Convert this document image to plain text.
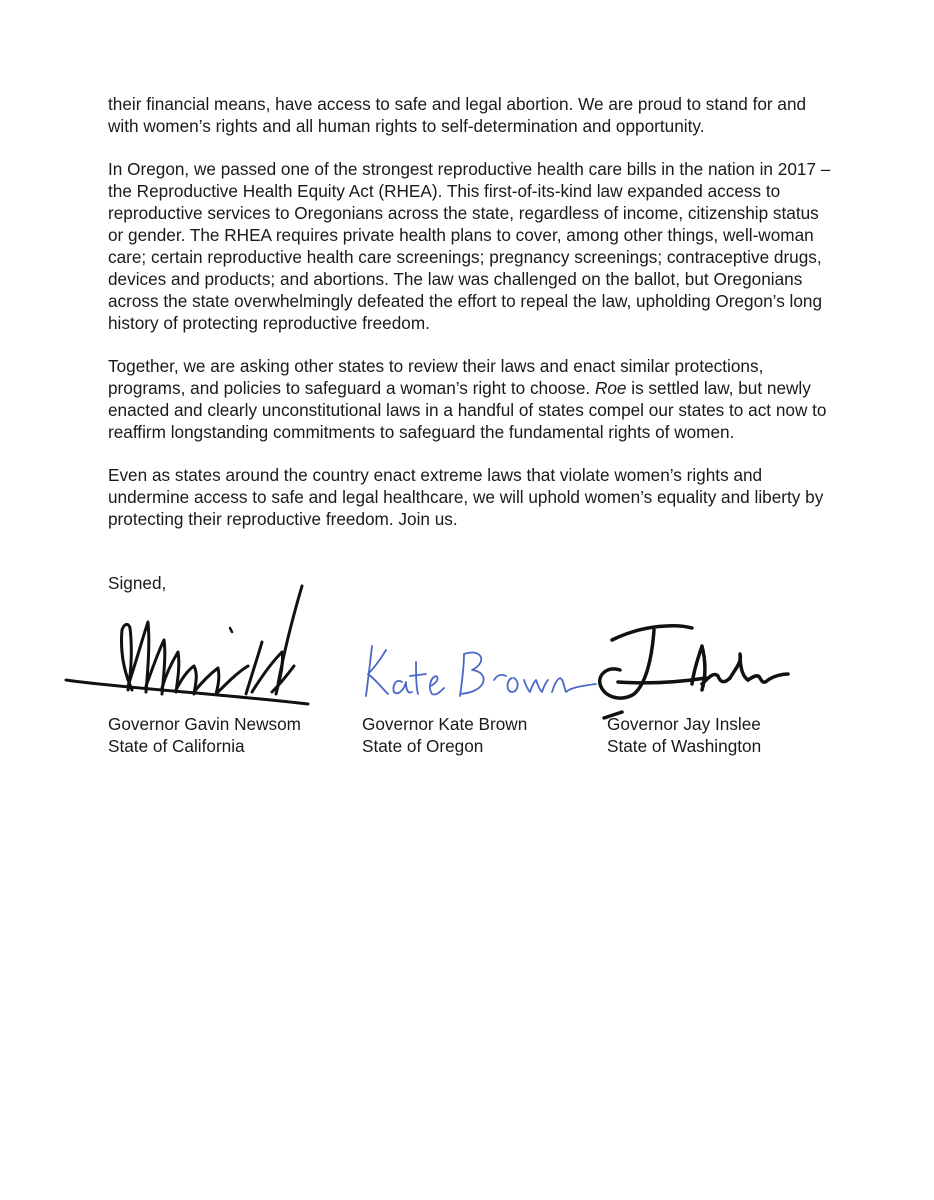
their financial means, have access to safe and legal abortion. We are proud to stand for and with women’s rights and all human rights to self-determination and opportunity.

In Oregon, we passed one of the strongest reproductive health care bills in the nation in 2017 – the Reproductive Health Equity Act (RHEA). This first-of-its-kind law expanded access to reproductive services to Oregonians across the state, regardless of income, citizenship status or gender. The RHEA requires private health plans to cover, among other things, well-woman care; certain reproductive health care screenings; pregnancy screenings; contraceptive drugs, devices and products; and abortions. The law was challenged on the ballot, but Oregonians across the state overwhelmingly defeated the effort to repeal the law, upholding Oregon’s long history of protecting reproductive freedom.

Together, we are asking other states to review their laws and enact similar protections, programs, and policies to safeguard a woman’s right to choose. Roe is settled law, but newly enacted and clearly unconstitutional laws in a handful of states compel our states to act now to reaffirm longstanding commitments to safeguard the fundamental rights of women.

Even as states around the country enact extreme laws that violate women’s rights and undermine access to safe and legal healthcare, we will uphold women’s equality and liberty by protecting their reproductive freedom. Join us.

Signed,
Governor Gavin Newsom
State of California
Governor Kate Brown
State of Oregon
Governor Jay Inslee
State of Washington
